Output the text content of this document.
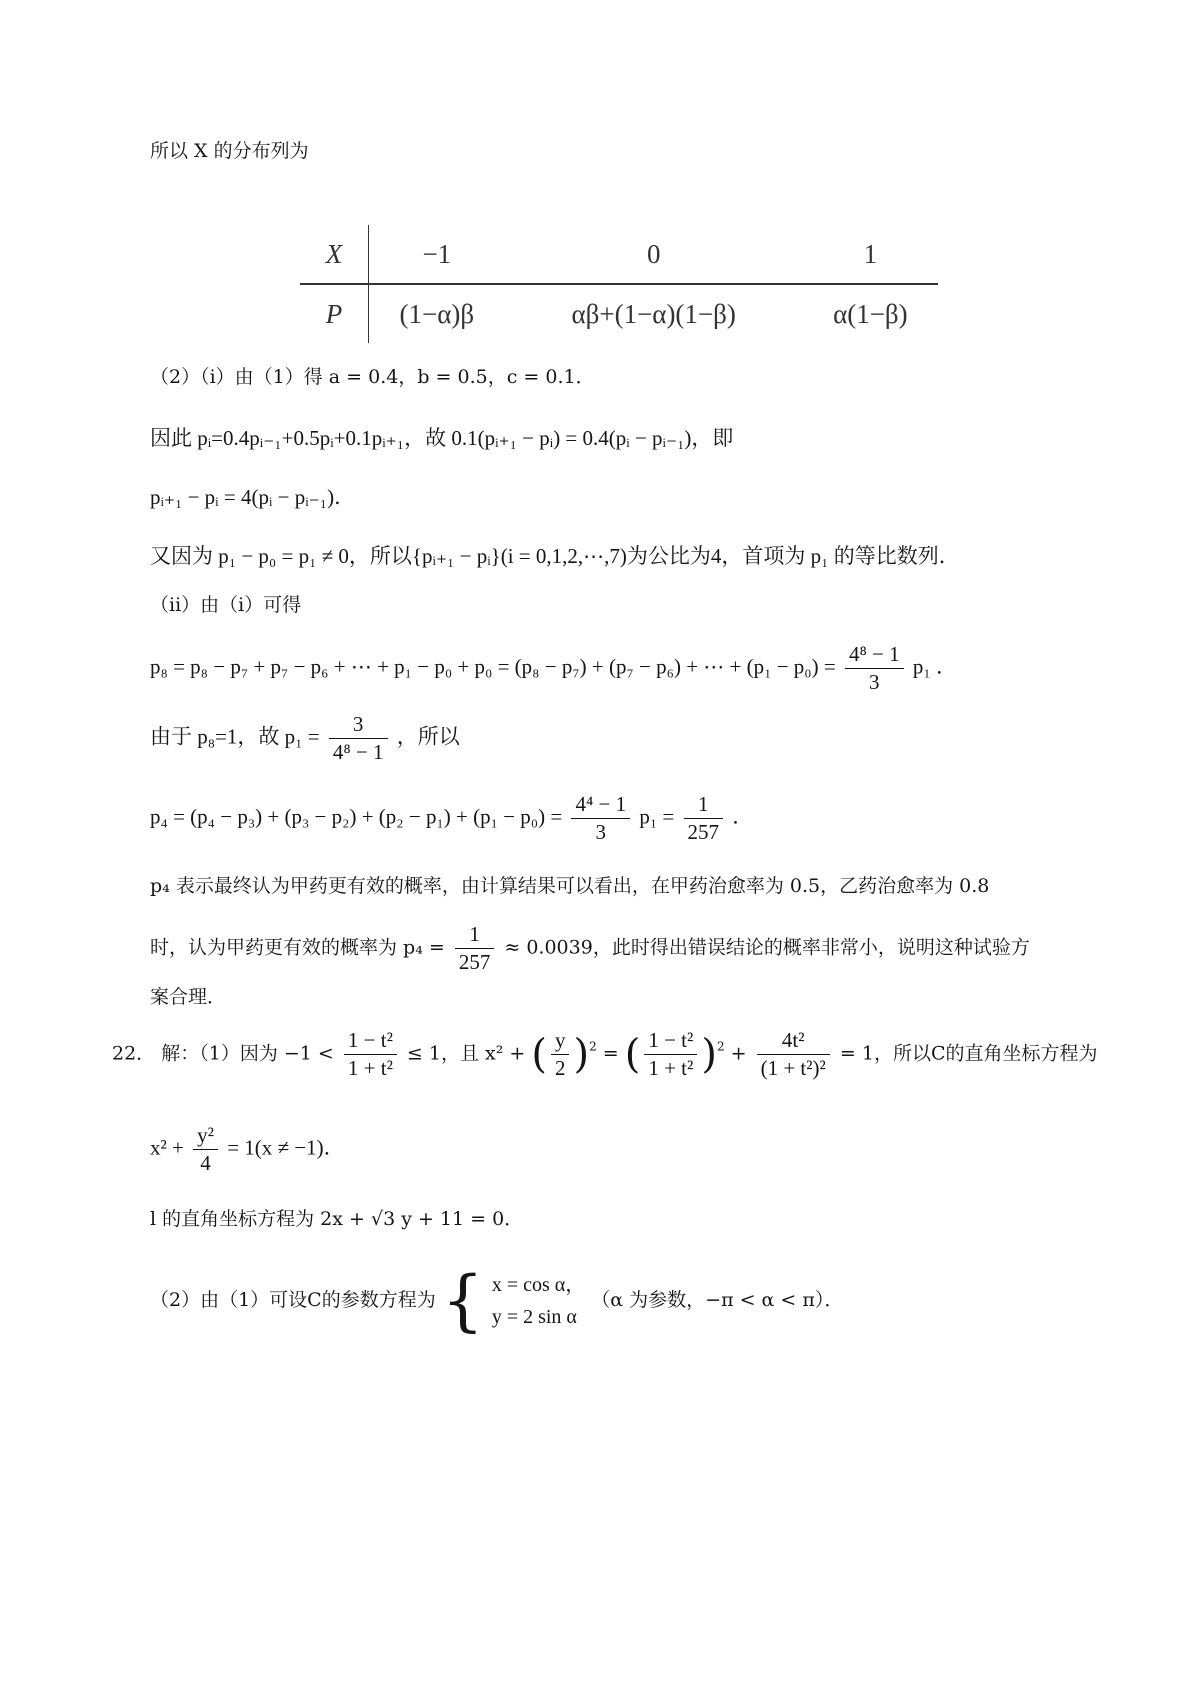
所以 X 的分布列为
X	−1	0	1
P	(1−α)β	αβ+(1−α)(1−β)	α(1−β)
（2）（i）由（1）得 a = 0.4，b = 0.5，c = 0.1．
因此 pᵢ=0.4pᵢ₋₁+0.5pᵢ+0.1pᵢ₊₁，故 0.1(pᵢ₊₁ − pᵢ) = 0.4(pᵢ − pᵢ₋₁)，即
pᵢ₊₁ − pᵢ = 4(pᵢ − pᵢ₋₁)．
又因为 p₁ − p₀ = p₁ ≠ 0，所以{pᵢ₊₁ − pᵢ}(i = 0,1,2,⋯,7)为公比为4，首项为 p₁ 的等比数列．
（ii）由（i）可得
p₈ = p₈ − p₇ + p₇ − p₆ + ⋯ + p₁ − p₀ + p₀ = (p₈ − p₇) + (p₇ − p₆) + ⋯ + $(p_1 - p_0) = \frac{\text{4⁸ − 1}}{3} p_1$ ．
由于 p₈=1，故 $p_1 = \frac{3}{\text{4⁸ − 1}}$ ，所以
$p_4 = (p_4 - p_3) + (p_3 - p_2) + (p_2 - p_1) + (p_1 - p_0) = \frac{\text{4⁴ − 1}}{3} p_1 = \frac{1}{257}$ ．
p₄ 表示最终认为甲药更有效的概率，由计算结果可以看出，在甲药治愈率为 0.5，乙药治愈率为 0.8
时，认为甲药更有效的概率为 $p_4 = \frac{1}{257} \approx 0.0039$，此时得出错误结论的概率非常小，说明这种试验方
案合理．
22． 解：（1）因为 $-1 < \frac{\text{1 − t²}}{\text{1 + t²}} \le 1$，且 x² + ( $\frac{y}{2} )^2$ = ( $\frac{\text{1 − t²}}{\text{1 + t²}} )^2 + \frac{\text{4t²}}{\text{(1 + t²)²}} = 1$，所以C的直角坐标方程为
$x^2 + \frac{\text{y²}}{4} = 1(x \ne -1)$．
l 的直角坐标方程为 2x + √3 y + 11 = 0．
（2）由（1）可设C的参数方程为 { x = cos α，
y = 2 sin α
（α 为参数，−π < α < π）．
